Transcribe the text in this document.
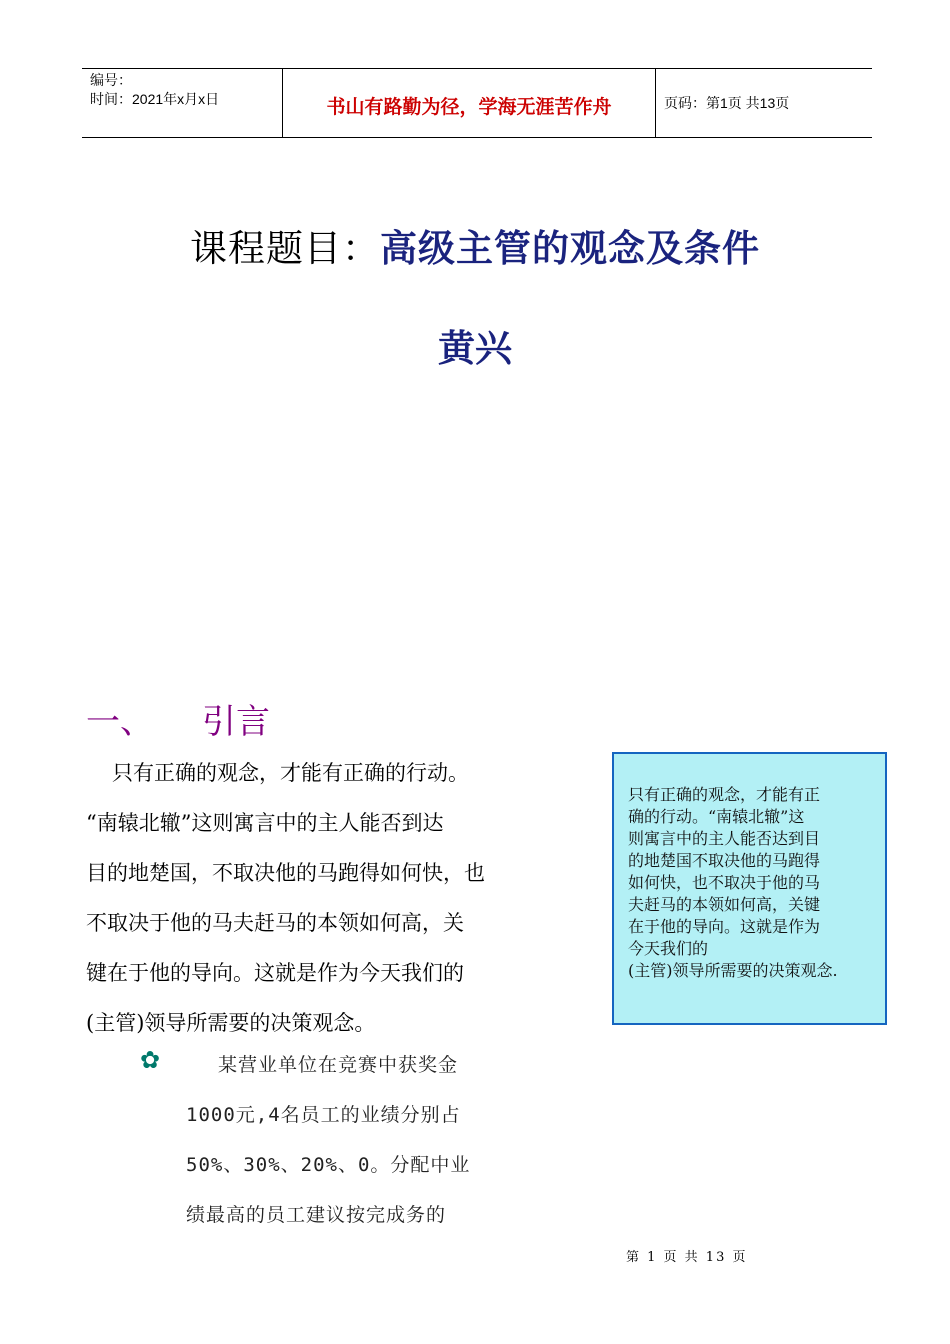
编号：
时间：2021年x月x日	书山有路勤为径，学海无涯苦作舟	页码：第1页 共13页
课程题目：高级主管的观念及条件
黄兴
一、	引言
只有正确的观念，才能有正确的行动。
“南辕北辙”这则寓言中的主人能否到达
目的地楚国，不取决他的马跑得如何快，也
不取决于他的马夫赶马的本领如何高，关
键在于他的导向。这就是作为今天我们的
(主管)领导所需要的决策观念。
只有正确的观念，才能有正
确的行动。“南辕北辙”这
则寓言中的主人能否达到目
的地楚国不取决他的马跑得
如何快，也不取决于他的马
夫赶马的本领如何高，关键
在于他的导向。这就是作为
今天我们的
(主管)领导所需要的决策观念.
✿	某营业单位在竞赛中获奖金
1000元,4名员工的业绩分别占
50%、30%、20%、0。分配中业
绩最高的员工建议按完成务的
第 1 页 共 13 页
